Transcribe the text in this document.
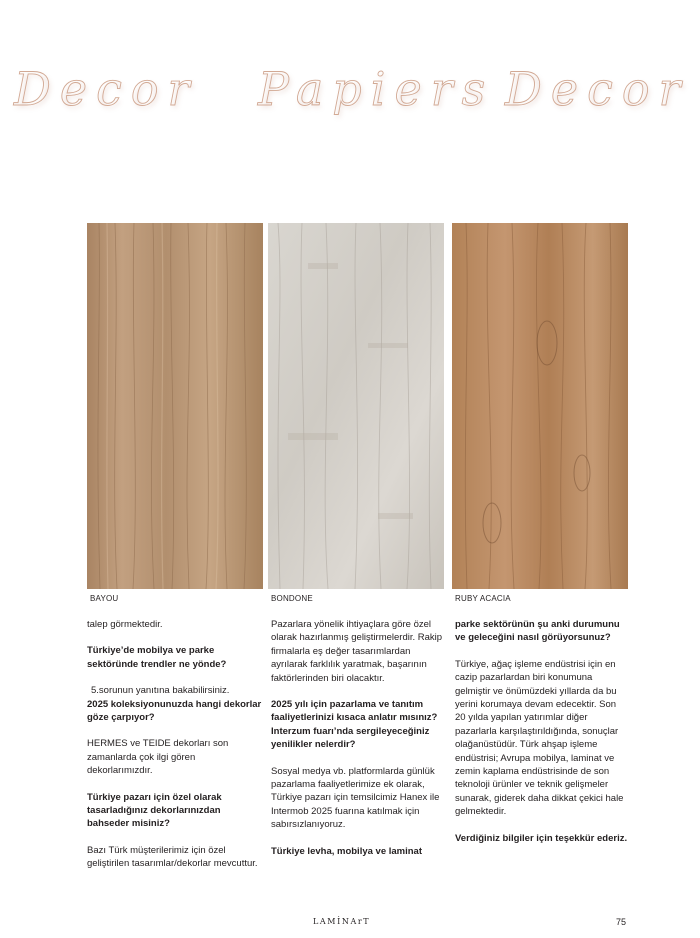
Decor Papiers Decor

BAYOU	BONDONE	RUBY ACACIA

talep görmektedir.

Türkiye’de mobilya ve parke sektöründe trendler ne yönde?

5.sorunun yanıtına bakabilirsiniz.

2025 koleksiyonunuzda hangi dekorlar göze çarpıyor?

HERMES ve TEIDE dekorları son zamanlarda çok ilgi gören dekorlarımızdır.

Türkiye pazarı için özel olarak tasarladığınız dekorlarınızdan bahseder misiniz?

Bazı Türk müşterilerimiz için özel geliştirilen tasarımlar/dekorlar mevcuttur.

Pazarlara yönelik ihtiyaçlara göre özel olarak hazırlanmış geliştirmelerdir. Rakip firmalarla eş değer tasarımlardan ayrılarak farklılık yaratmak, başarının faktörlerinden biri olacaktır.

2025 yılı için pazarlama ve tanıtım faaliyetlerinizi kısaca anlatır mısınız? Interzum fuarı’nda sergileyeceğiniz yenilikler nelerdir?

Sosyal medya vb. platformlarda günlük pazarlama faaliyetlerimize ek olarak, Türkiye pazarı için temsilcimiz Hanex ile Intermob 2025 fuarına katılmak için sabırsızlanıyoruz.

Türkiye levha, mobilya ve laminat

parke sektörünün şu anki durumunu ve geleceğini nasıl görüyorsunuz?

Türkiye, ağaç işleme endüstrisi için en cazip pazarlardan biri konumuna gelmiştir ve önümüzdeki yıllarda da bu yerini korumaya devam edecektir. Son 20 yılda yapılan yatırımlar diğer pazarlarla karşılaştırıldığında, sonuçlar olağanüstüdür. Türk ahşap işleme endüstrisi; Avrupa mobilya, laminat ve zemin kaplama endüstrisinde de son teknoloji ürünler ve teknik gelişmeler sunarak, giderek daha dikkat çekici hale gelmektedir.

Verdiğiniz bilgiler için teşekkür ederiz.

LAMİNArT	75
